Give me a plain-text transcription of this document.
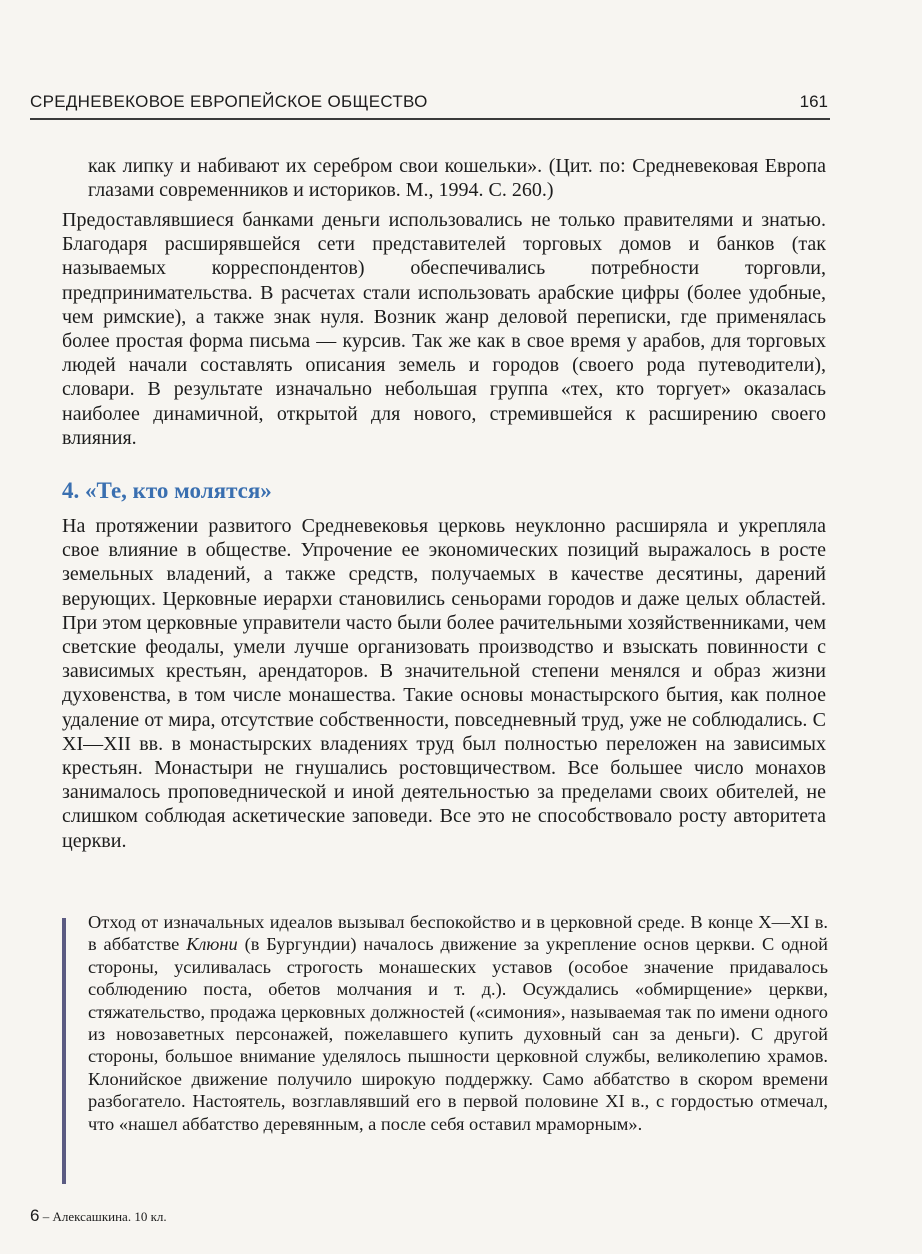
СРЕДНЕВЕКОВОЕ ЕВРОПЕЙСКОЕ ОБЩЕСТВО	161
как липку и набивают их серебром свои кошельки». (Цит. по: Средневековая Европа глазами современников и историков. М., 1994. С. 260.)
Предоставлявшиеся банками деньги использовались не только правителями и знатью. Благодаря расширявшейся сети представителей торговых домов и банков (так называемых корреспондентов) обеспечивались потребности торговли, предпринимательства. В расчетах стали использовать арабские цифры (более удобные, чем римские), а также знак нуля. Возник жанр деловой переписки, где применялась более простая форма письма — курсив. Так же как в свое время у арабов, для торговых людей начали составлять описания земель и городов (своего рода путеводители), словари. В результате изначально небольшая группа «тех, кто торгует» оказалась наиболее динамичной, открытой для нового, стремившейся к расширению своего влияния.
4. «Те, кто молятся»
На протяжении развитого Средневековья церковь неуклонно расширяла и укрепляла свое влияние в обществе. Упрочение ее экономических позиций выражалось в росте земельных владений, а также средств, получаемых в качестве десятины, дарений верующих. Церковные иерархи становились сеньорами городов и даже целых областей. При этом церковные управители часто были более рачительными хозяйственниками, чем светские феодалы, умели лучше организовать производство и взыскать повинности с зависимых крестьян, арендаторов. В значительной степени менялся и образ жизни духовенства, в том числе монашества. Такие основы монастырского бытия, как полное удаление от мира, отсутствие собственности, повседневный труд, уже не соблюдались. С XI—XII вв. в монастырских владениях труд был полностью переложен на зависимых крестьян. Монастыри не гнушались ростовщичеством. Все большее число монахов занималось проповеднической и иной деятельностью за пределами своих обителей, не слишком соблюдая аскетические заповеди. Все это не способствовало росту авторитета церкви.
Отход от изначальных идеалов вызывал беспокойство и в церковной среде. В конце X—XI в. в аббатстве Клюни (в Бургундии) началось движение за укрепление основ церкви. С одной стороны, усиливалась строгость монашеских уставов (особое значение придавалось соблюдению поста, обетов молчания и т. д.). Осуждались «обмирщение» церкви, стяжательство, продажа церковных должностей («симония», называемая так по имени одного из новозаветных персонажей, пожелавшего купить духовный сан за деньги). С другой стороны, большое внимание уделялось пышности церковной службы, великолепию храмов. Клонийское движение получило широкую поддержку. Само аббатство в скором времени разбогатело. Настоятель, возглавлявший его в первой половине XI в., с гордостью отмечал, что «нашел аббатство деревянным, а после себя оставил мраморным».
6 – Алексашкина. 10 кл.
